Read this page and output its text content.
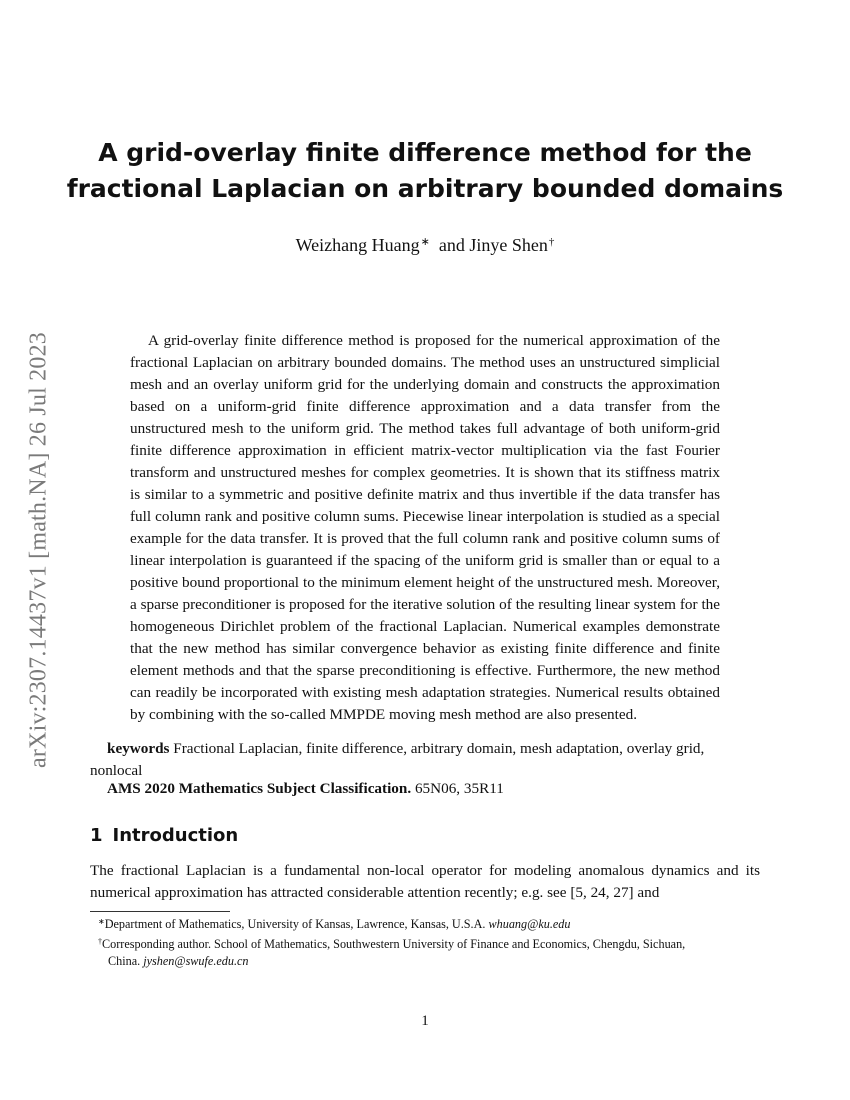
arXiv:2307.14437v1 [math.NA] 26 Jul 2023
A grid-overlay finite difference method for the
fractional Laplacian on arbitrary bounded domains
Weizhang Huang∗ and Jinye Shen†

A grid-overlay finite difference method is proposed for the numerical approximation of the fractional Laplacian on arbitrary bounded domains. The method uses an unstructured simplicial mesh and an overlay uniform grid for the underlying domain and constructs the approximation based on a uniform-grid finite difference approximation and a data transfer from the unstructured mesh to the uniform grid. The method takes full advantage of both uniform-grid finite difference approximation in efficient matrix-vector multiplication via the fast Fourier transform and unstructured meshes for complex geometries. It is shown that its stiffness matrix is similar to a symmetric and positive definite matrix and thus invertible if the data transfer has full column rank and positive column sums. Piecewise linear interpolation is studied as a special example for the data transfer. It is proved that the full column rank and positive column sums of linear interpolation is guaranteed if the spacing of the uniform grid is smaller than or equal to a positive bound proportional to the minimum element height of the unstructured mesh. Moreover, a sparse preconditioner is proposed for the iterative solution of the resulting linear system for the homogeneous Dirichlet problem of the fractional Laplacian. Numerical examples demonstrate that the new method has similar convergence behavior as existing finite difference and finite element methods and that the sparse preconditioning is effective. Furthermore, the new method can readily be incorporated with existing mesh adaptation strategies. Numerical results obtained by combining with the so-called MMPDE moving mesh method are also presented.

keywords Fractional Laplacian, finite difference, arbitrary domain, mesh adaptation, overlay grid, nonlocal

AMS 2020 Mathematics Subject Classification. 65N06, 35R11

1 Introduction

The fractional Laplacian is a fundamental non-local operator for modeling anomalous dynamics and its numerical approximation has attracted considerable attention recently; e.g. see [5, 24, 27] and

∗Department of Mathematics, University of Kansas, Lawrence, Kansas, U.S.A. whuang@ku.edu

†Corresponding author. School of Mathematics, Southwestern University of Finance and Economics, Chengdu, Sichuan,
China. jyshen@swufe.edu.cn

1
